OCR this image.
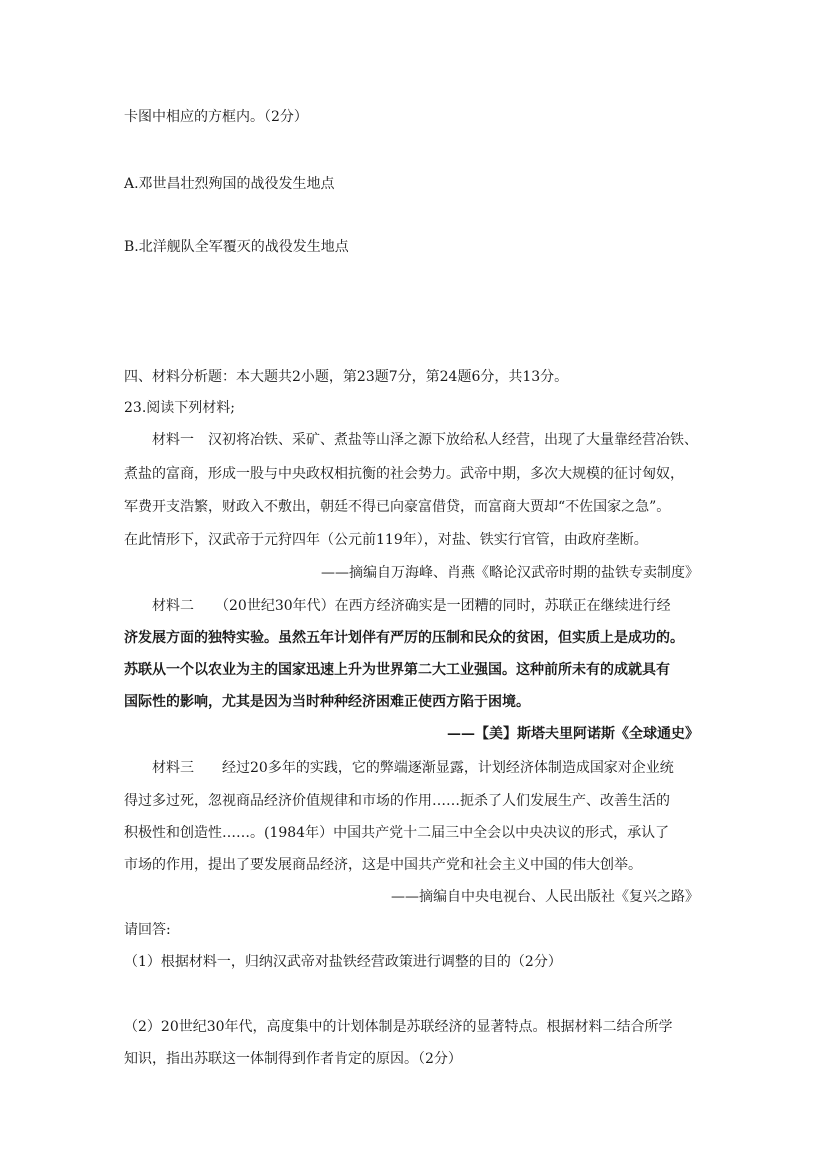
卡图中相应的方框内。（2分）
A.邓世昌壮烈殉国的战役发生地点
B.北洋舰队全军覆灭的战役发生地点
四、材料分析题：本大题共2小题，第23题7分，第24题6分，共13分。
23.阅读下列材料;
　　材料一　汉初将冶铁、采矿、煮盐等山泽之源下放给私人经营，出现了大量靠经营冶铁、
煮盐的富商，形成一股与中央政权相抗衡的社会势力。武帝中期，多次大规模的征讨匈奴，
军费开支浩繁，财政入不敷出，朝廷不得已向豪富借贷，而富商大贾却“不佐国家之急”。
在此情形下，汉武帝于元狩四年（公元前119年），对盐、铁实行官管，由政府垄断。
——摘编自万海峰、肖燕《略论汉武帝时期的盐铁专卖制度》
　　材料二　　（20世纪30年代）在西方经济确实是一团糟的同时，苏联正在继续进行经
济发展方面的独特实验。虽然五年计划伴有严厉的压制和民众的贫困，但实质上是成功的。
苏联从一个以农业为主的国家迅速上升为世界第二大工业强国。这种前所未有的成就具有
国际性的影响，尤其是因为当时种种经济困难正使西方陷于困境。
——【美】斯塔夫里阿诺斯《全球通史》
　　材料三　　经过20多年的实践，它的弊端逐渐显露，计划经济体制造成国家对企业统
得过多过死，忽视商品经济价值规律和市场的作用……扼杀了人们发展生产、改善生活的
积极性和创造性……。(1984年）中国共产党十二届三中全会以中央决议的形式，承认了
市场的作用，提出了要发展商品经济，这是中国共产党和社会主义中国的伟大创举。
——摘编自中央电视台、人民出版社《复兴之路》
请回答:
（1）根据材料一，归纳汉武帝对盐铁经营政策进行调整的目的（2分）
（2）20世纪30年代，高度集中的计划体制是苏联经济的显著特点。根据材料二结合所学
知识，指出苏联这一体制得到作者肯定的原因。（2分）
